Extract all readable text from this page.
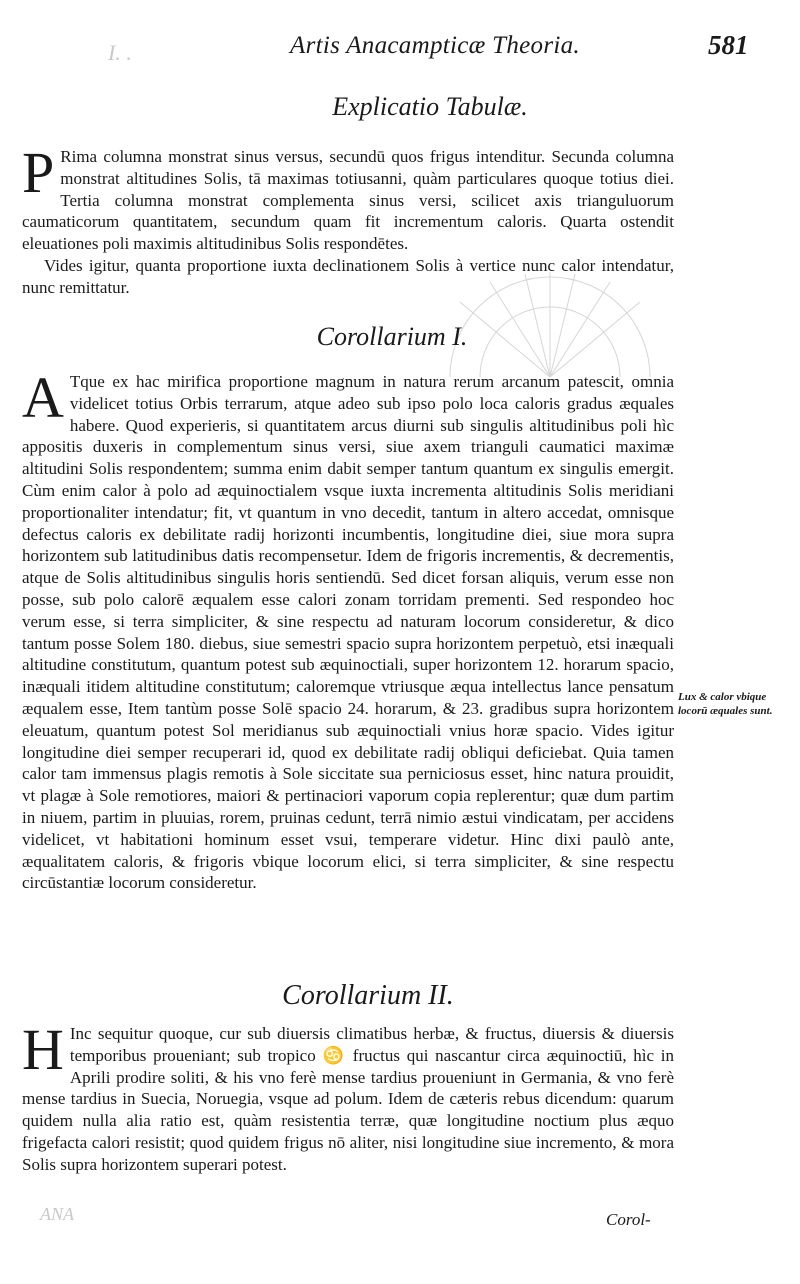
I. .	Artis Anacampticæ Theoria.	581
Explicatio Tabulæ.
P Rima columna monstrat sinus versus, secundū quos frigus intenditur. Secunda columna monstrat altitudines Solis, tā maximas totiusanni, quàm particulares quoque totius diei. Tertia columna monstrat complementa sinus versi, scilicet axis trianguluorum caumaticorum quantitatem, secundum quam fit incrementum caloris. Quarta ostendit eleuationes poli maximis altitudinibus Solis respondētes.
Vides igitur, quanta proportione iuxta declinationem Solis à vertice nunc calor intendatur, nunc remittatur.
Corollarium I.
A Tque ex hac mirifica proportione magnum in natura rerum arcanum patescit, omnia videlicet totius Orbis terrarum, atque adeo sub ipso polo loca caloris gradus æquales habere. Quod experieris, si quantitatem arcus diurni sub singulis altitudinibus poli hìc appositis duxeris in complementum sinus versi, siue axem trianguli caumatici maximæ altitudini Solis respondentem; summa enim dabit semper tantum quantum ex singulis emergit. Cùm enim calor à polo ad æquinoctialem vsque iuxta incrementa altitudinis Solis meridiani proportionaliter intendatur; fit, vt quantum in vno decedit, tantum in altero accedat, omnisque defectus caloris ex debilitate radij horizonti incumbentis, longitudine diei, siue mora supra horizontem sub latitudinibus datis recompensetur. Idem de frigoris incrementis, & decrementis, atque de Solis altitudinibus singulis horis sentiendū. Sed dicet forsan aliquis, verum esse non posse, sub polo calorē æqualem esse calori zonam torridam prementi. Sed respondeo hoc verum esse, si terra simpliciter, & sine respectu ad naturam locorum consideretur, & dico tantum posse Solem 180. diebus, siue semestri spacio supra horizontem perpetuò, etsi inæquali altitudine constitutum, quantum potest sub æquinoctiali, super horizontem 12. horarum spacio, inæquali itidem altitudine constitutum; caloremque vtriusque æqua intellectus lance pensatum æqualem esse, Item tantùm posse Solē spacio 24. horarum, & 23. gradibus supra horizontem eleuatum, quantum potest Sol meridianus sub æquinoctiali vnius horæ spacio. Vides igitur longitudine diei semper recuperari id, quod ex debilitate radij obliqui deficiebat. Quia tamen calor tam immensus plagis remotis à Sole siccitate sua perniciosus esset, hinc natura prouidit, vt plagæ à Sole remotiores, maiori & pertinaciori vaporum copia replerentur; quæ dum partim in niuem, partim in pluuias, rorem, pruinas cedunt, terrā nimio æstui vindicatam, per accidens videlicet, vt habitationi hominum esset vsui, temperare videtur. Hinc dixi paulò ante, æqualitatem caloris, & frigoris vbique locorum elici, si terra simpliciter, & sine respectu circūstantiæ locorum consideretur.
Lux & calor vbique locorū æquales sunt.
Corollarium II.
H Inc sequitur quoque, cur sub diuersis climatibus herbæ, & fructus, diuersis & diuersis temporibus proueniant; sub tropico ♋ fructus qui nascantur circa æquinoctiū, hìc in Aprili prodire soliti, & his vno ferè mense tardius proueniunt in Germania, & vno ferè mense tardius in Suecia, Noruegia, vsque ad polum. Idem de cæteris rebus dicendum: quarum quidem nulla alia ratio est, quàm resistentia terræ, quæ longitudine noctium plus æquo frigefacta calori resistit; quod quidem frigus nō aliter, nisi longitudine siue incremento, & mora Solis supra horizontem superari potest.
ANA	Corol-
